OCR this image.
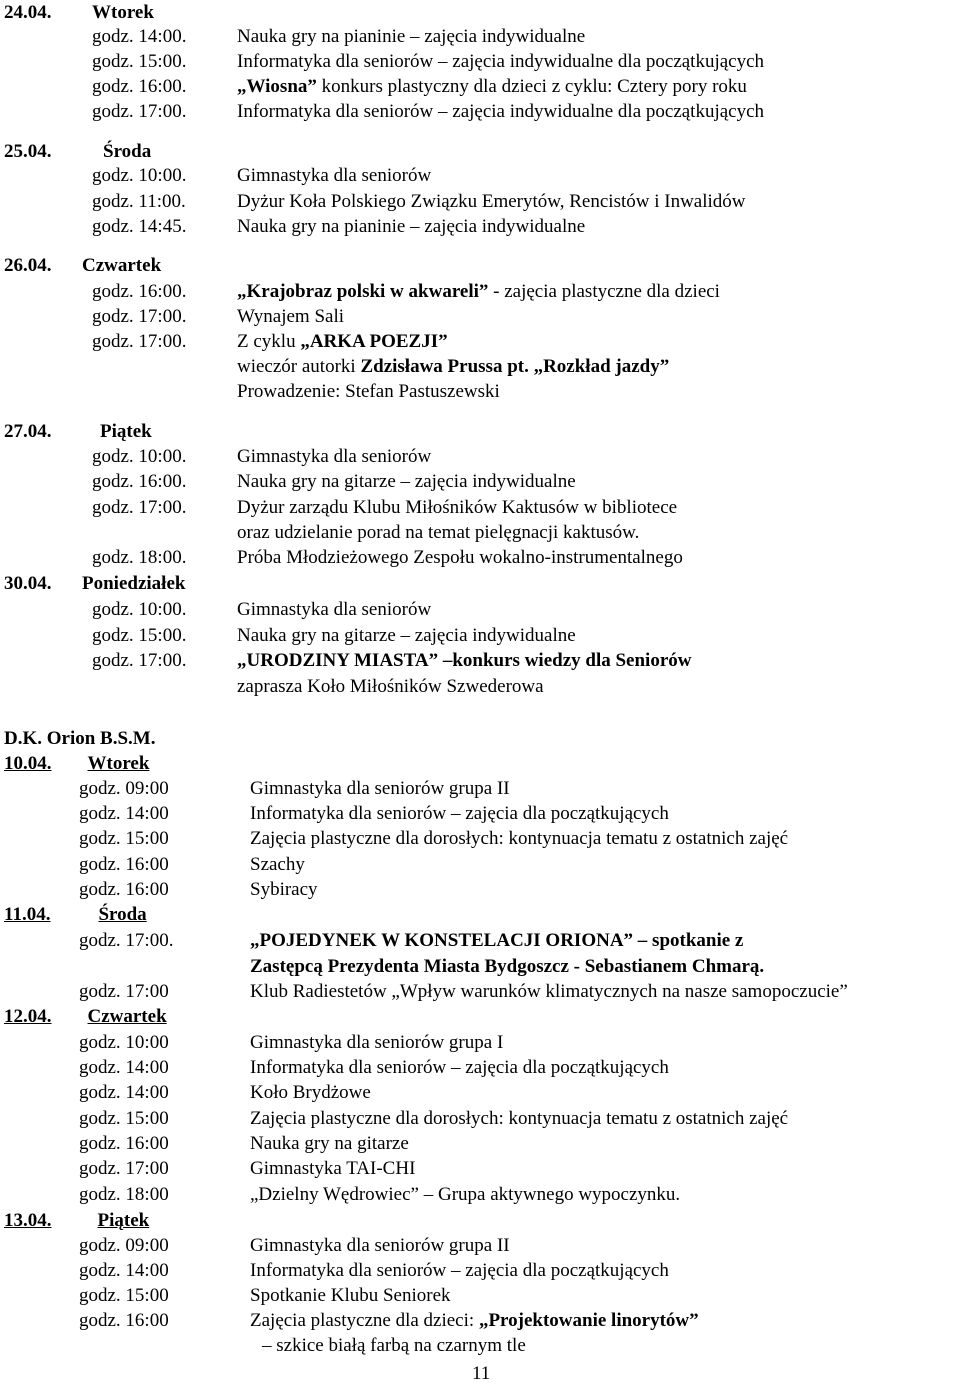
24.04. Wtorek
godz. 14:00.	Nauka gry na pianinie – zajęcia indywidualne
godz. 15:00.	Informatyka dla seniorów – zajęcia indywidualne dla początkujących
godz. 16:00.	„Wiosna” konkurs plastyczny dla dzieci z cyklu: Cztery pory roku
godz. 17:00.	Informatyka dla seniorów – zajęcia indywidualne dla początkujących
25.04.	Środa
godz. 10:00.	Gimnastyka dla seniorów
godz. 11:00.	Dyżur Koła Polskiego Związku Emerytów, Rencistów i Inwalidów
godz. 14:45.	Nauka gry na pianinie – zajęcia indywidualne
26.04. Czwartek
godz. 16:00.	„Krajobraz polski w akwareli” - zajęcia plastyczne dla dzieci
godz. 17:00.	Wynajem Sali
godz. 17:00.	Z cyklu „ARKA POEZJI”
wieczór autorki Zdzisława Prussa pt. „Rozkład jazdy”
Prowadzenie: Stefan Pastuszewski
27.04.	Piątek
godz. 10:00.	Gimnastyka dla seniorów
godz. 16:00.	Nauka gry na gitarze – zajęcia indywidualne
godz. 17:00.	Dyżur zarządu Klubu Miłośników Kaktusów w bibliotece
oraz udzielanie porad na temat pielęgnacji kaktusów.
godz. 18:00.	Próba Młodzieżowego Zespołu wokalno-instrumentalnego
30.04. Poniedziałek
godz. 10:00.	Gimnastyka dla seniorów
godz. 15:00.	Nauka gry na gitarze – zajęcia indywidualne
godz. 17:00.	„URODZINY MIASTA” –konkurs wiedzy dla Seniorów
zaprasza Koło Miłośników Szwederowa
D.K. Orion B.S.M.
10.04. Wtorek
godz. 09:00	Gimnastyka dla seniorów grupa II
godz. 14:00	Informatyka dla seniorów – zajęcia dla początkujących
godz. 15:00	Zajęcia plastyczne dla dorosłych: kontynuacja tematu z ostatnich zajęć
godz. 16:00	Szachy
godz. 16:00	Sybiracy
11.04.	Środa
godz. 17:00.	„POJEDYNEK W KONSTELACJI ORIONA” – spotkanie z
Zastępcą Prezydenta Miasta Bydgoszcz - Sebastianem Chmarą.
godz. 17:00	Klub Radiestetów „Wpływ warunków klimatycznych na nasze samopoczucie”
12.04. Czwartek
godz. 10:00	Gimnastyka dla seniorów grupa I
godz. 14:00	Informatyka dla seniorów – zajęcia dla początkujących
godz. 14:00	Koło Brydżowe
godz. 15:00	Zajęcia plastyczne dla dorosłych: kontynuacja tematu z ostatnich zajęć
godz. 16:00	Nauka gry na gitarze
godz. 17:00	Gimnastyka TAI-CHI
godz. 18:00	„Dzielny Wędrowiec” – Grupa aktywnego wypoczynku.
13.04. Piątek
godz. 09:00	Gimnastyka dla seniorów grupa II
godz. 14:00	Informatyka dla seniorów – zajęcia dla początkujących
godz. 15:00	Spotkanie Klubu Seniorek
godz. 16:00	Zajęcia plastyczne dla dzieci: „Projektowanie linorytów”
– szkice białą farbą na czarnym tle
11
